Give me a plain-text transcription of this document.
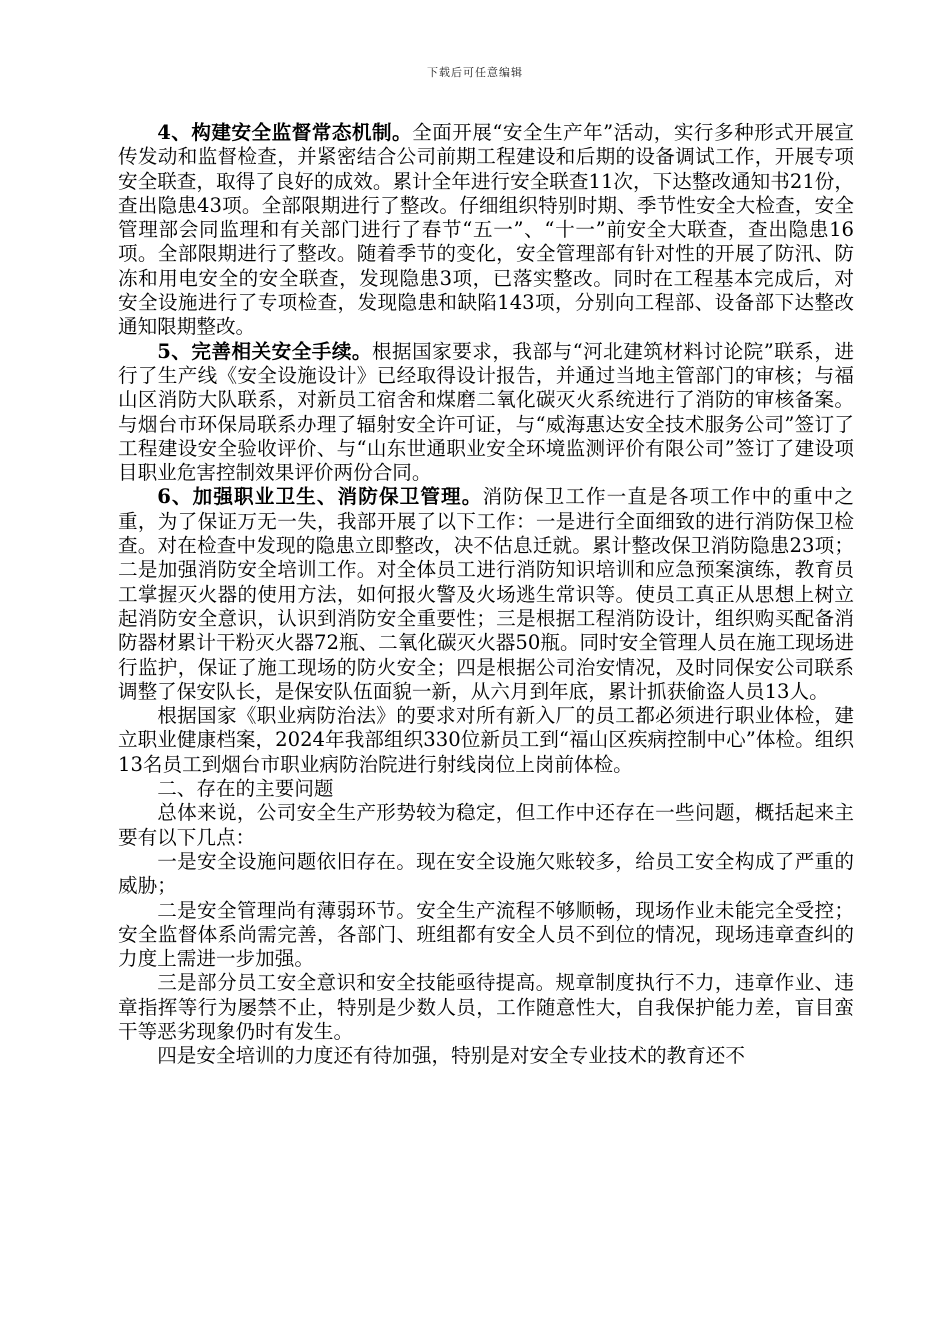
下载后可任意编辑

4、构建安全监督常态机制。全面开展“安全生产年”活动，实行多种形式开展宣传发动和监督检查，并紧密结合公司前期工程建设和后期的设备调试工作，开展专项安全联查，取得了良好的成效。累计全年进行安全联查11次，下达整改通知书21份，查出隐患43项。全部限期进行了整改。仔细组织特别时期、季节性安全大检查，安全管理部会同监理和有关部门进行了春节“五一”、“十一”前安全大联查，查出隐患16项。全部限期进行了整改。随着季节的变化，安全管理部有针对性的开展了防汛、防冻和用电安全的安全联查，发现隐患3项，已落实整改。同时在工程基本完成后，对安全设施进行了专项检查，发现隐患和缺陷143项，分别向工程部、设备部下达整改通知限期整改。

5、完善相关安全手续。根据国家要求，我部与“河北建筑材料讨论院”联系，进行了生产线《安全设施设计》已经取得设计报告，并通过当地主管部门的审核；与福山区消防大队联系，对新员工宿舍和煤磨二氧化碳灭火系统进行了消防的审核备案。 与烟台市环保局联系办理了辐射安全许可证，与“威海惠达安全技术服务公司”签订了工程建设安全验收评价、与“山东世通职业安全环境监测评价有限公司”签订了建设项目职业危害控制效果评价两份合同。

6、加强职业卫生、消防保卫管理。消防保卫工作一直是各项工作中的重中之重，为了保证万无一失，我部开展了以下工作：一是进行全面细致的进行消防保卫检查。对在检查中发现的隐患立即整改，决不估息迁就。累计整改保卫消防隐患23项；二是加强消防安全培训工作。对全体员工进行消防知识培训和应急预案演练，教育员工掌握灭火器的使用方法，如何报火警及火场逃生常识等。使员工真正从思想上树立起消防安全意识，认识到消防安全重要性；三是根据工程消防设计，组织购买配备消防器材累计干粉灭火器72瓶、二氧化碳灭火器50瓶。同时安全管理人员在施工现场进行监护，保证了施工现场的防火安全；四是根据公司治安情况，及时同保安公司联系调整了保安队长，是保安队伍面貌一新，从六月到年底，累计抓获偷盗人员13人。

根据国家《职业病防治法》的要求对所有新入厂的员工都必须进行职业体检，建立职业健康档案，2024年我部组织330位新员工到“福山区疾病控制中心”体检。组织13名员工到烟台市职业病防治院进行射线岗位上岗前体检。

二、存在的主要问题

总体来说，公司安全生产形势较为稳定，但工作中还存在一些问题，概括起来主要有以下几点：

一是安全设施问题依旧存在。现在安全设施欠账较多，给员工安全构成了严重的威胁；

二是安全管理尚有薄弱环节。安全生产流程不够顺畅，现场作业未能完全受控；安全监督体系尚需完善，各部门、班组都有安全人员不到位的情况，现场违章查纠的力度上需进一步加强。

三是部分员工安全意识和安全技能亟待提高。规章制度执行不力，违章作业、违章指挥等行为屡禁不止，特别是少数人员，工作随意性大，自我保护能力差，盲目蛮干等恶劣现象仍时有发生。

四是安全培训的力度还有待加强，特别是对安全专业技术的教育还不
